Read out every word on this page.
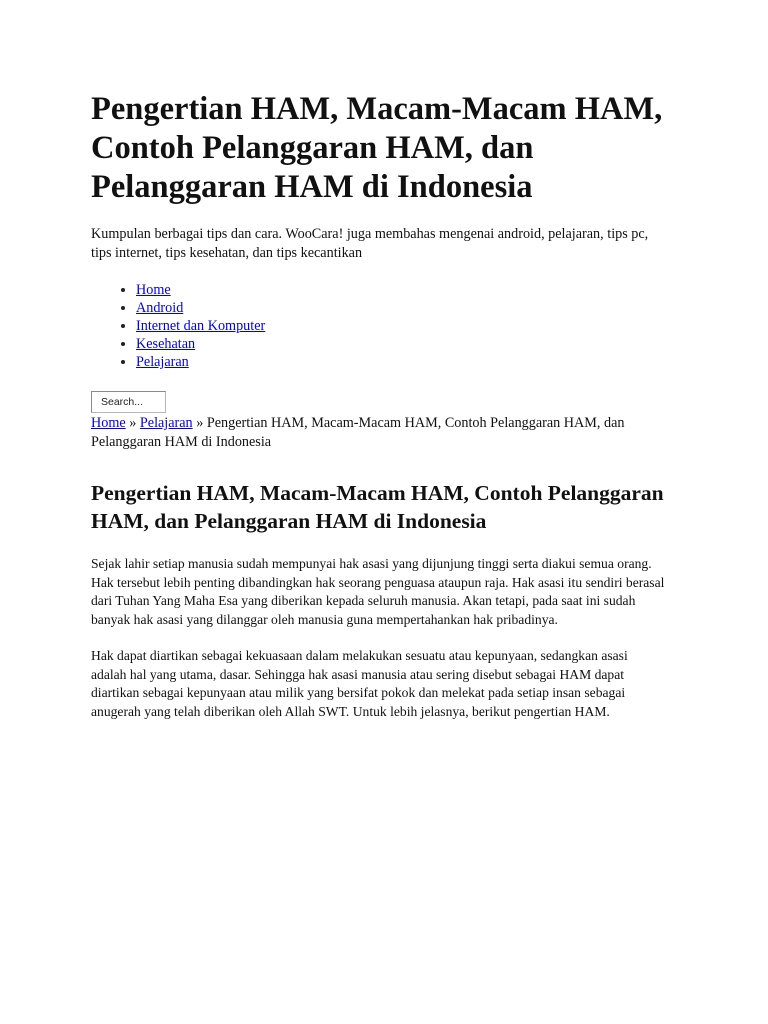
Pengertian HAM, Macam-Macam HAM, Contoh Pelanggaran HAM, dan Pelanggaran HAM di Indonesia

Kumpulan berbagai tips dan cara. WooCara! juga membahas mengenai android, pelajaran, tips pc, tips internet, tips kesehatan, dan tips kecantikan

• Home
• Android
• Internet dan Komputer
• Kesehatan
• Pelajaran
Search...
Home » Pelajaran » Pengertian HAM, Macam-Macam HAM, Contoh Pelanggaran HAM, dan Pelanggaran HAM di Indonesia
Pengertian HAM, Macam-Macam HAM, Contoh Pelanggaran HAM, dan Pelanggaran HAM di Indonesia

Sejak lahir setiap manusia sudah mempunyai hak asasi yang dijunjung tinggi serta diakui semua orang. Hak tersebut lebih penting dibandingkan hak seorang penguasa ataupun raja. Hak asasi itu sendiri berasal dari Tuhan Yang Maha Esa yang diberikan kepada seluruh manusia. Akan tetapi, pada saat ini sudah banyak hak asasi yang dilanggar oleh manusia guna mempertahankan hak pribadinya.

Hak dapat diartikan sebagai kekuasaan dalam melakukan sesuatu atau kepunyaan, sedangkan asasi adalah hal yang utama, dasar. Sehingga hak asasi manusia atau sering disebut sebagai HAM dapat diartikan sebagai kepunyaan atau milik yang bersifat pokok dan melekat pada setiap insan sebagai anugerah yang telah diberikan oleh Allah SWT. Untuk lebih jelasnya, berikut pengertian HAM.
